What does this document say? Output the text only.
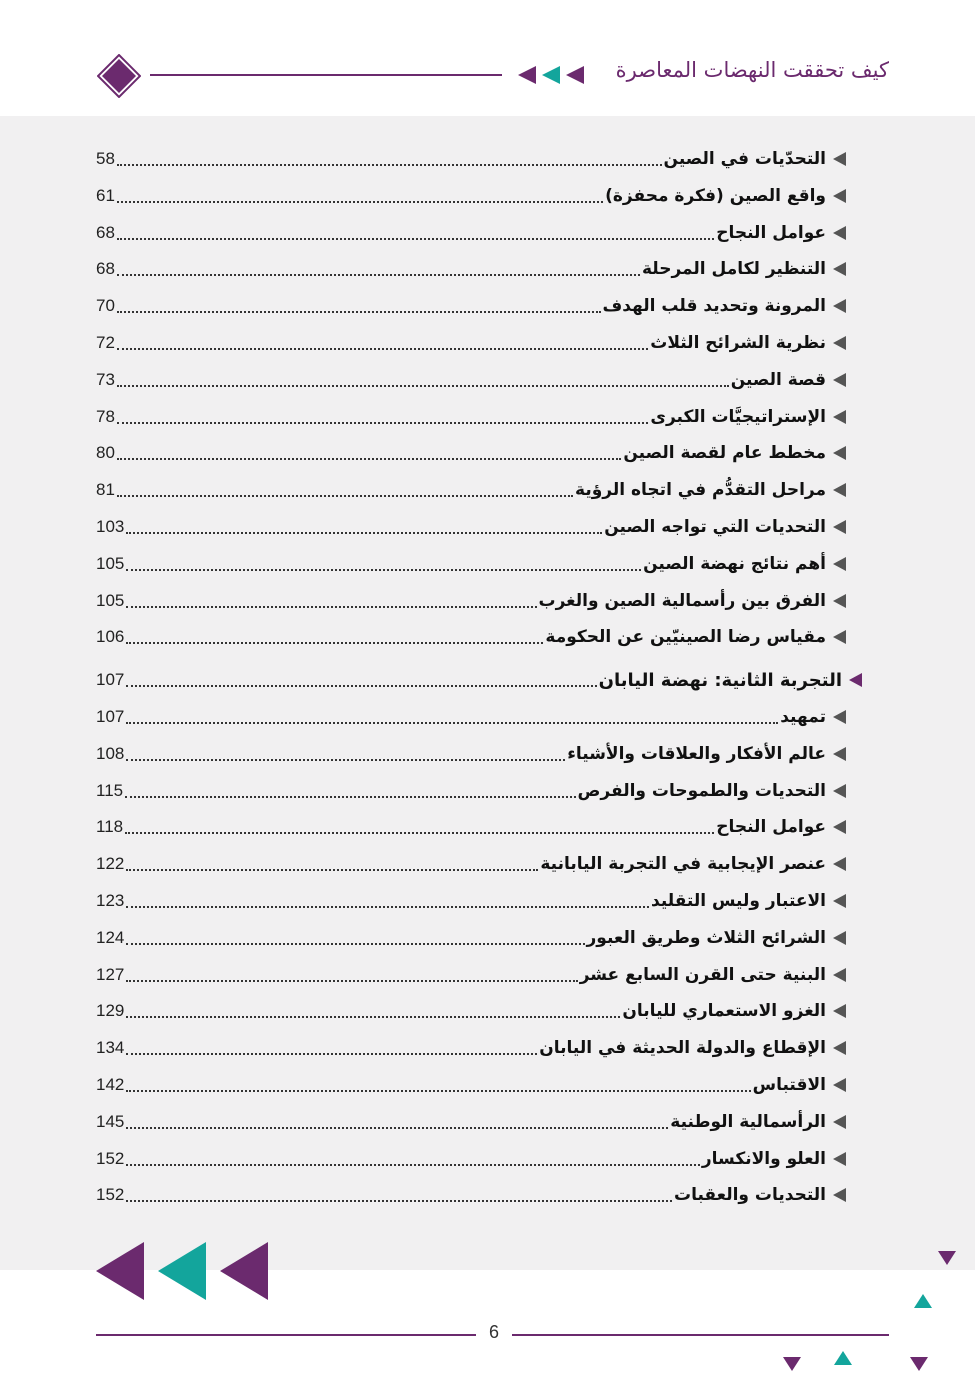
كيف تحققت النهضات المعاصرة
58	التحدّيات في الصين
61	واقع الصين (فكرة محفزة)
68	عوامل النجاح
68	التنظير لكامل المرحلة
70	المرونة وتحديد قلب الهدف
72	نظرية الشرائح الثلاث
73	قصة الصين
78	الإستراتيجيَّات الكبرى
80	مخطط عام لقصة الصين
81	مراحل التقدُّم في اتجاه الرؤية
103	التحديات التي تواجه الصين
105	أهم نتائج نهضة الصين
105	الفرق بين رأسمالية الصين والغرب
106	مقياس رضا الصينيّين عن الحكومة
107	التجربة الثانية: نهضة اليابان
107	تمهيد
108	عالم الأفكار والعلاقات والأشياء
115	التحديات والطموحات والفرص
118	عوامل النجاح
122	عنصر الإيجابية في التجربة اليابانية
123	الاعتبار وليس التقليد
124	الشرائح الثلاث وطريق العبور
127	البنية حتى القرن السابع عشر
129	الغزو الاستعماري لليابان
134	الإقطاع والدولة الحديثة في اليابان
142	الاقتباس
145	الرأسمالية الوطنية
152	العلو والانكسار
152	التحديات والعقبات
6
